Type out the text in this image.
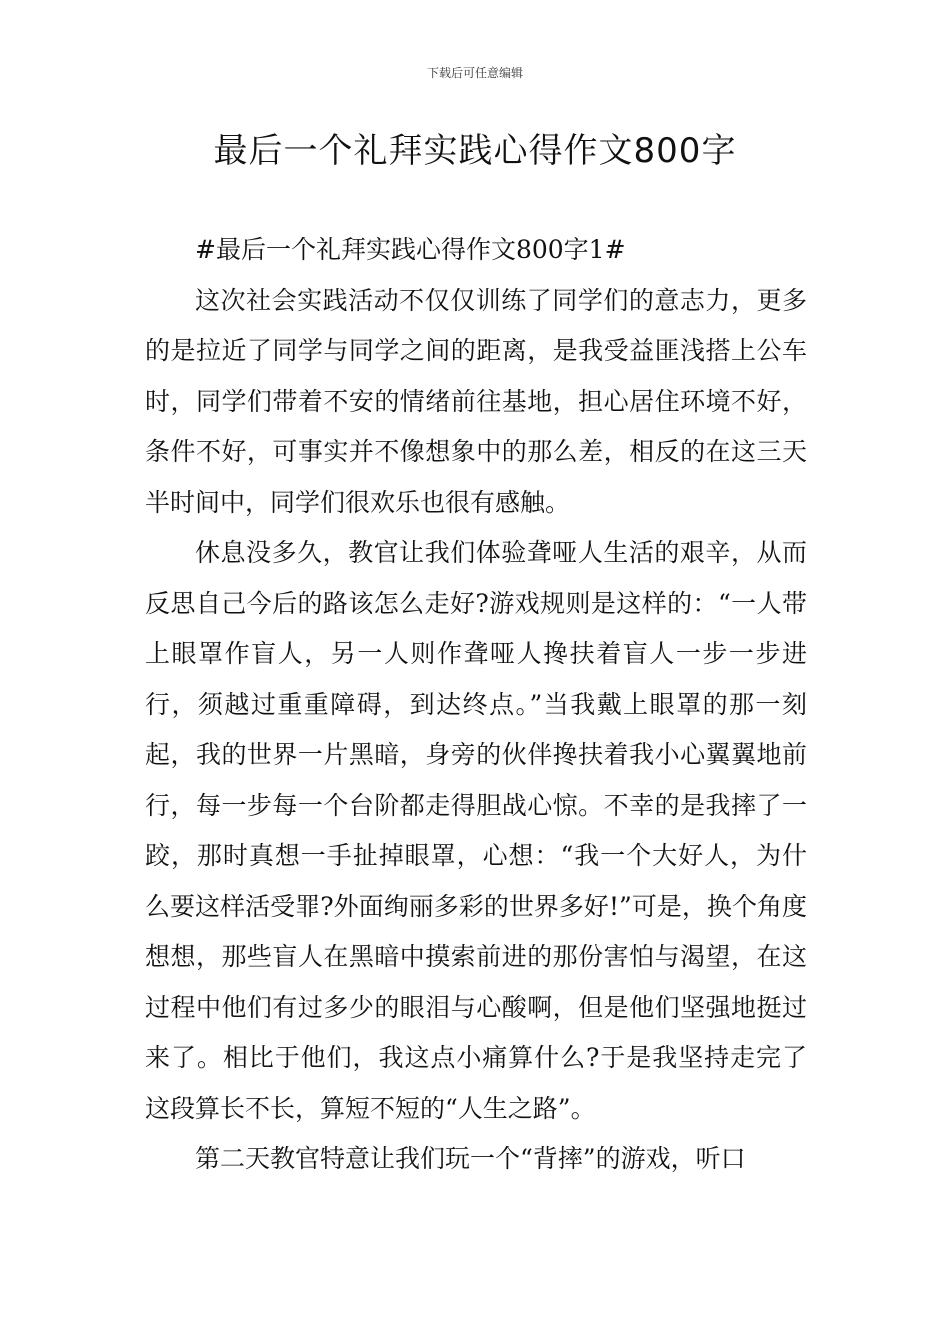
下载后可任意编辑
最后一个礼拜实践心得作文800字

#最后一个礼拜实践心得作文800字1#

这次社会实践活动不仅仅训练了同学们的意志力，更多的是拉近了同学与同学之间的距离，是我受益匪浅搭上公车时，同学们带着不安的情绪前往基地，担心居住环境不好，条件不好，可事实并不像想象中的那么差，相反的在这三天半时间中，同学们很欢乐也很有感触。

休息没多久，教官让我们体验聋哑人生活的艰辛，从而反思自己今后的路该怎么走好?游戏规则是这样的：“一人带上眼罩作盲人，另一人则作聋哑人搀扶着盲人一步一步进行，须越过重重障碍，到达终点。”当我戴上眼罩的那一刻起，我的世界一片黑暗，身旁的伙伴搀扶着我小心翼翼地前行，每一步每一个台阶都走得胆战心惊。不幸的是我摔了一跤，那时真想一手扯掉眼罩，心想：“我一个大好人，为什么要这样活受罪?外面绚丽多彩的世界多好!”可是，换个角度想想，那些盲人在黑暗中摸索前进的那份害怕与渴望，在这过程中他们有过多少的眼泪与心酸啊，但是他们坚强地挺过来了。相比于他们，我这点小痛算什么?于是我坚持走完了这段算长不长，算短不短的“人生之路”。

第二天教官特意让我们玩一个“背摔”的游戏，听口
